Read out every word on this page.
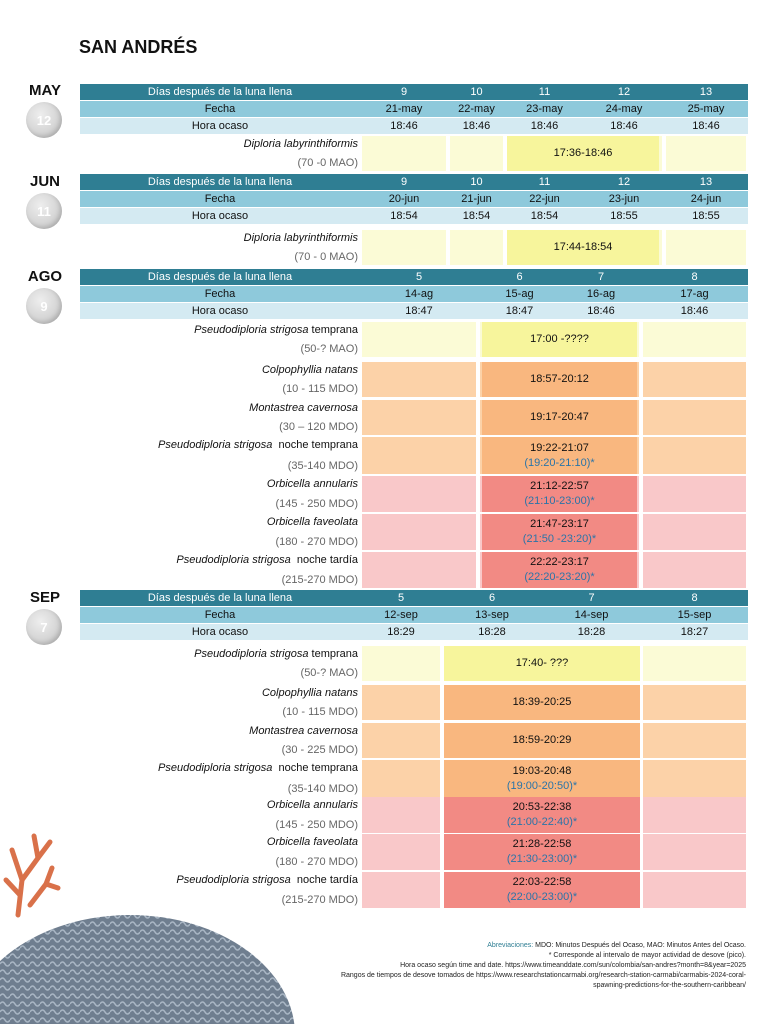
SAN ANDRÉS
MAY
12
Días después de la luna llena	9	10	11	12	13
Fecha	21-may	22-may	23-may	24-may	25-may
Hora ocaso	18:46	18:46	18:46	18:46	18:46
Diploria labyrinthiformis
(70 -0 MAO)
17:36-18:46
JUN
11
Días después de la luna llena	9	10	11	12	13
Fecha	20-jun	21-jun	22-jun	23-jun	24-jun
Hora ocaso	18:54	18:54	18:54	18:55	18:55
Diploria labyrinthiformis
(70 - 0 MAO)
17:44-18:54
AGO
9
Días después de la luna llena	5	6	7	8
Fecha	14-ag	15-ag	16-ag	17-ag
Hora ocaso	18:47	18:47	18:46	18:46
Pseudodiploria strigosa temprana
(50-? MAO)
17:00 -????
Colpophyllia natans
(10 - 115 MDO)
18:57-20:12
Montastrea cavernosa
(30 – 120 MDO)
19:17-20:47
Pseudodiploria strigosa  noche temprana
(35-140 MDO)
19:22-21:07
(19:20-21:10)*
Orbicella annularis
(145 - 250 MDO)
21:12-22:57
(21:10-23:00)*
Orbicella faveolata
(180 - 270 MDO)
21:47-23:17
(21:50 -23:20)*
Pseudodiploria strigosa  noche tardía
(215-270 MDO)
22:22-23:17
(22:20-23:20)*
SEP
7
Días después de la luna llena	5	6	7	8
Fecha	12-sep	13-sep	14-sep	15-sep
Hora ocaso	18:29	18:28	18:28	18:27
Pseudodiploria strigosa temprana
(50-? MAO)
17:40- ???
Colpophyllia natans
(10 - 115 MDO)
18:39-20:25
Montastrea cavernosa
(30 - 225 MDO)
18:59-20:29
Pseudodiploria strigosa  noche temprana
(35-140 MDO)
19:03-20:48
(19:00-20:50)*
Orbicella annularis
(145 - 250 MDO)
20:53-22:38
(21:00-22:40)*
Orbicella faveolata
(180 - 270 MDO)
21:28-22:58
(21:30-23:00)*
Pseudodiploria strigosa  noche tardía
(215-270 MDO)
22:03-22:58
(22:00-23:00)*
Abreviaciones: MDO: Minutos Después del Ocaso, MAO: Minutos Antes del Ocaso.
* Corresponde al intervalo de mayor actividad de desove (pico).
Hora ocaso según time and date. https://www.timeanddate.com/sun/colombia/san-andres?month=8&year=2025
Rangos de tiempos de desove tomados de https://www.researchstationcarmabi.org/research-station-carmabi/carmabis-2024-coral-
spawning-predictions-for-the-southern-caribbean/
